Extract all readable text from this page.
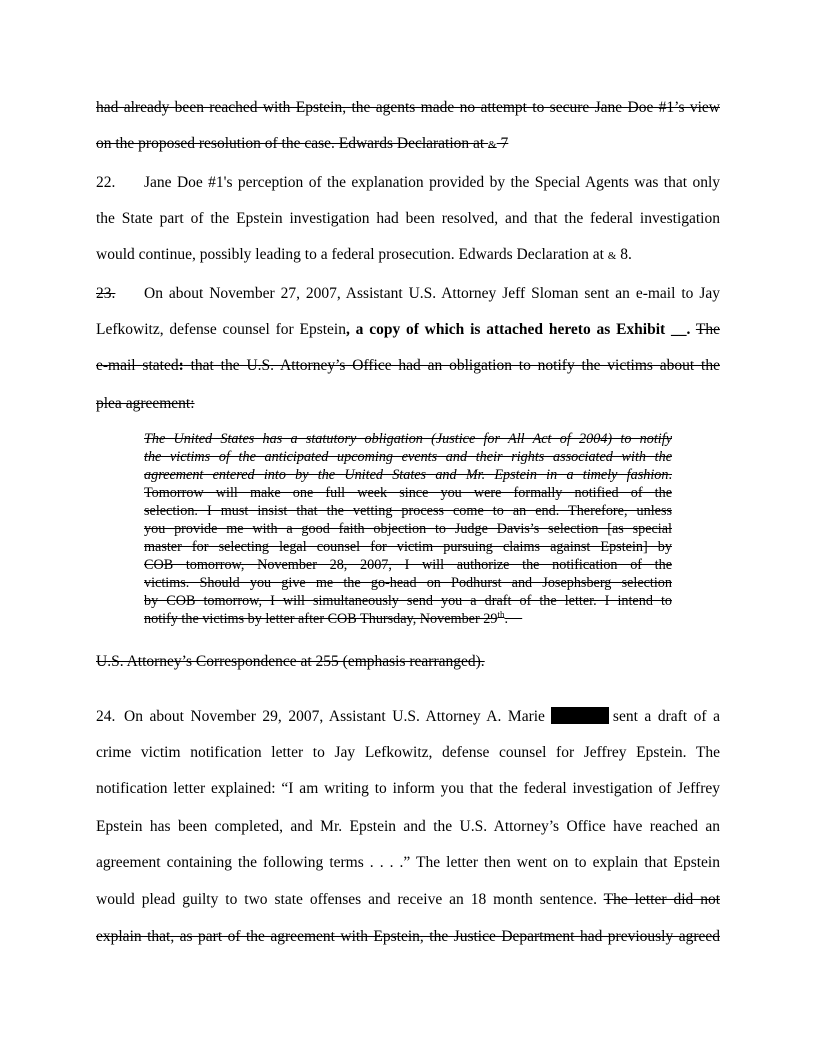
had already been reached with Epstein, the agents made no attempt to secure Jane Doe #1’s view
on the proposed resolution of the case. Edwards Declaration at & 7
22. Jane Doe #1's perception of the explanation provided by the Special Agents was that only
the State part of the Epstein investigation had been resolved, and that the federal investigation
would continue, possibly leading to a federal prosecution. Edwards Declaration at & 8.
23. On about November 27, 2007, Assistant U.S. Attorney Jeff Sloman sent an e-mail to Jay
Lefkowitz, defense counsel for Epstein, a copy of which is attached hereto as Exhibit __. The
e-mail stated: that the U.S. Attorney’s Office had an obligation to notify the victims about the
plea agreement:
The United States has a statutory obligation (Justice for All Act of 2004) to notify
the victims of the anticipated upcoming events and their rights associated with the
agreement entered into by the United States and Mr. Epstein in a timely fashion.
Tomorrow will make one full week since you were formally notified of the
selection. I must insist that the vetting process come to an end. Therefore, unless
you provide me with a good faith objection to Judge Davis’s selection [as special
master for selecting legal counsel for victim pursuing claims against Epstein] by
COB tomorrow, November 28, 2007, I will authorize the notification of the
victims. Should you give me the go-head on Podhurst and Josephsberg selection
by COB tomorrow, I will simultaneously send you a draft of the letter. I intend to
notify the victims by letter after COB Thursday, November 29th.
U.S. Attorney’s Correspondence at 255 (emphasis rearranged).
24. On about November 29, 2007, Assistant U.S. Attorney A. Marie	sent a draft of a
crime victim notification letter to Jay Lefkowitz, defense counsel for Jeffrey Epstein. The
notification letter explained: “I am writing to inform you that the federal investigation of Jeffrey
Epstein has been completed, and Mr. Epstein and the U.S. Attorney’s Office have reached an
agreement containing the following terms . . . .” The letter then went on to explain that Epstein
would plead guilty to two state offenses and receive an 18 month sentence. The letter did not
explain that, as part of the agreement with Epstein, the Justice Department had previously agreed
